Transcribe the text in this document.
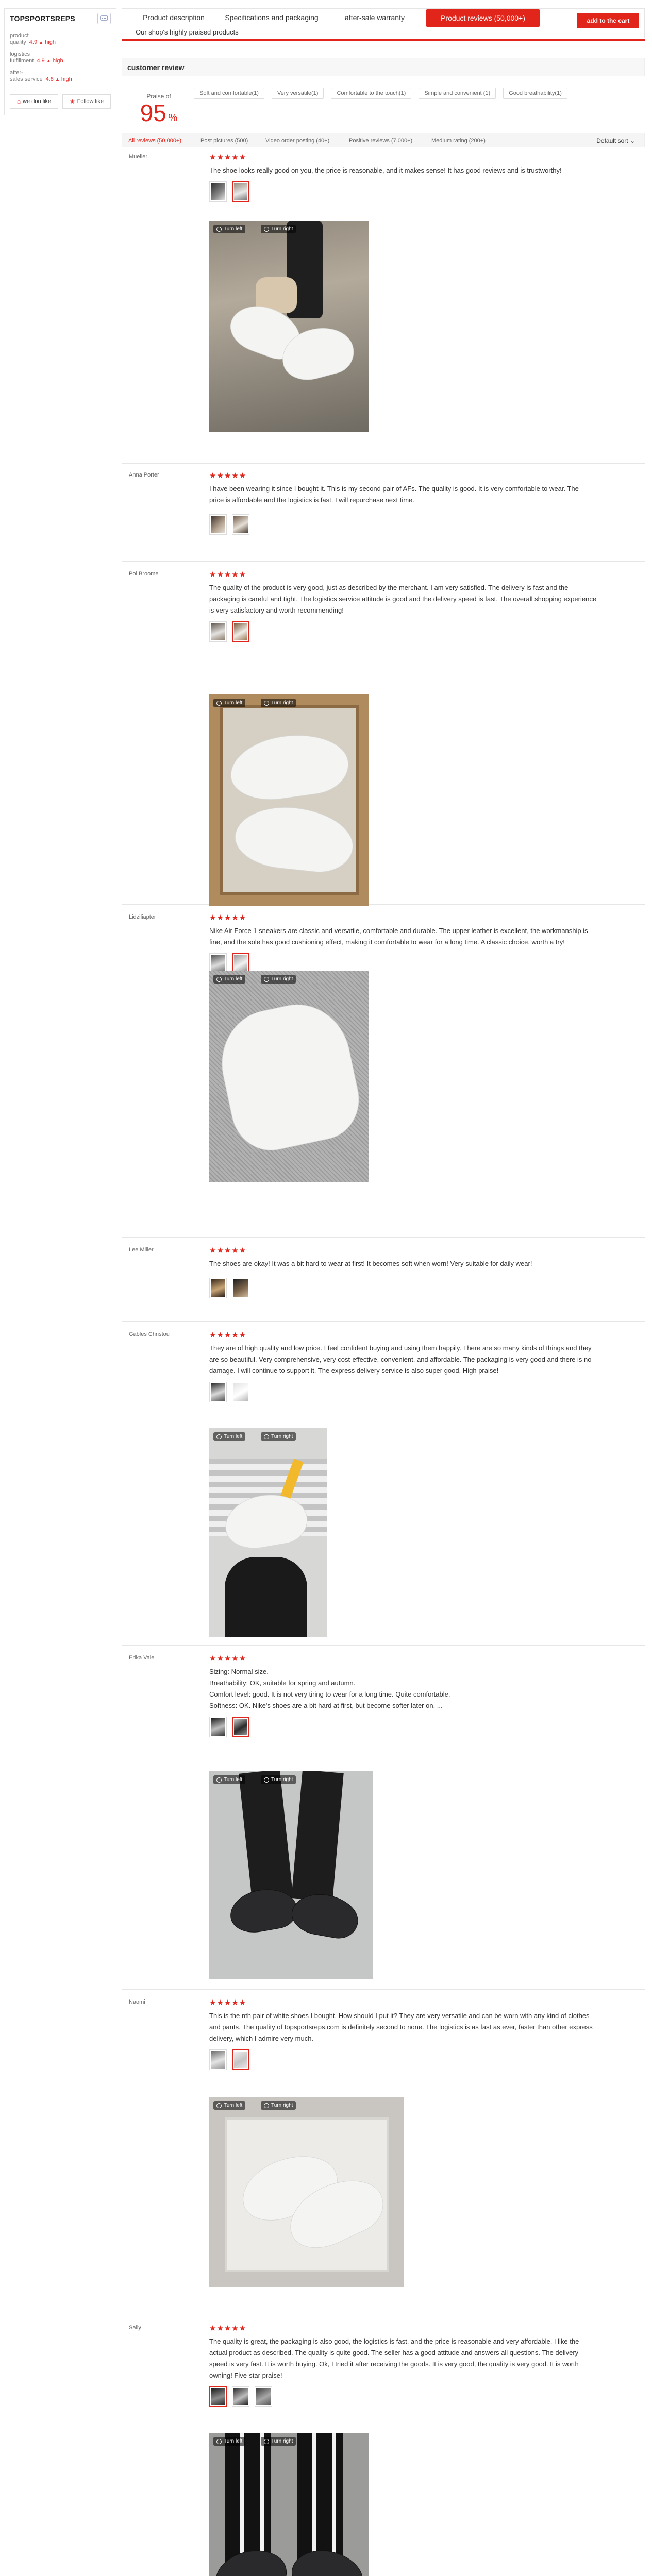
TOPSPORTSREPS
product
quality 4.9 ▲ high
logistics
fulfillment 4.9 ▲ high
after-
sales service 4.8 ▲ high
⌂ we don like	★ Follow like
Product description	Specifications and packaging	after-sale warranty	Product reviews (50,000+)	add to the cart
Our shop's highly praised products
customer review
Praise of
95 %
Soft and comfortable(1)	Very versatile(1)	Comfortable to the touch(1)	Simple and convenient (1)	Good breathability(1)
All reviews (50,000+)	Post pictures (500)	Video order posting (40+)	Positive reviews (7,000+)	Medium rating (200+)	Default sort ⌄
Mueller	★★★★★
The shoe looks really good on you, the price is reasonable, and it makes sense! It has good reviews and is trustworthy!
Turn left	Turn right
Anna Porter	★★★★★
I have been wearing it since I bought it. This is my second pair of AFs. The quality is good. It is very comfortable to wear. The
price is affordable and the logistics is fast. I will repurchase next time.
Pol Broome	★★★★★
The quality of the product is very good, just as described by the merchant. I am very satisfied. The delivery is fast and the
packaging is careful and tight. The logistics service attitude is good and the delivery speed is fast. The overall shopping experience
is very satisfactory and worth recommending!
Turn left	Turn right
Lidziliapter	★★★★★
Nike Air Force 1 sneakers are classic and versatile, comfortable and durable. The upper leather is excellent, the workmanship is
fine, and the sole has good cushioning effect, making it comfortable to wear for a long time. A classic choice, worth a try!
Turn left	Turn right
Lee Miller	★★★★★
The shoes are okay! It was a bit hard to wear at first! It becomes soft when worn! Very suitable for daily wear!
Gables Christou	★★★★★
They are of high quality and low price. I feel confident buying and using them happily. There are so many kinds of things and they
are so beautiful. Very comprehensive, very cost-effective, convenient, and affordable. The packaging is very good and there is no
damage. I will continue to support it. The express delivery service is also super good. High praise!
Turn left	Turn right
Erika Vale	★★★★★
Sizing: Normal size.
Breathability: OK, suitable for spring and autumn.
Comfort level: good. It is not very tiring to wear for a long time. Quite comfortable.
Softness: OK. Nike's shoes are a bit hard at first, but become softer later on. ...
Turn left	Turn right
Naomi	★★★★★
This is the nth pair of white shoes I bought. How should I put it? They are very versatile and can be worn with any kind of clothes
and pants. The quality of topsportsreps.com is definitely second to none. The logistics is as fast as ever, faster than other express
delivery, which I admire very much.
Turn left	Turn right
Sally	★★★★★
The quality is great, the packaging is also good, the logistics is fast, and the price is reasonable and very affordable. I like the
actual product as described. The quality is quite good. The seller has a good attitude and answers all questions. The delivery
speed is very fast. It is worth buying. Ok, I tried it after receiving the goods. It is very good, the quality is very good. It is worth
owning! Five-star praise!
Turn left	Turn right
